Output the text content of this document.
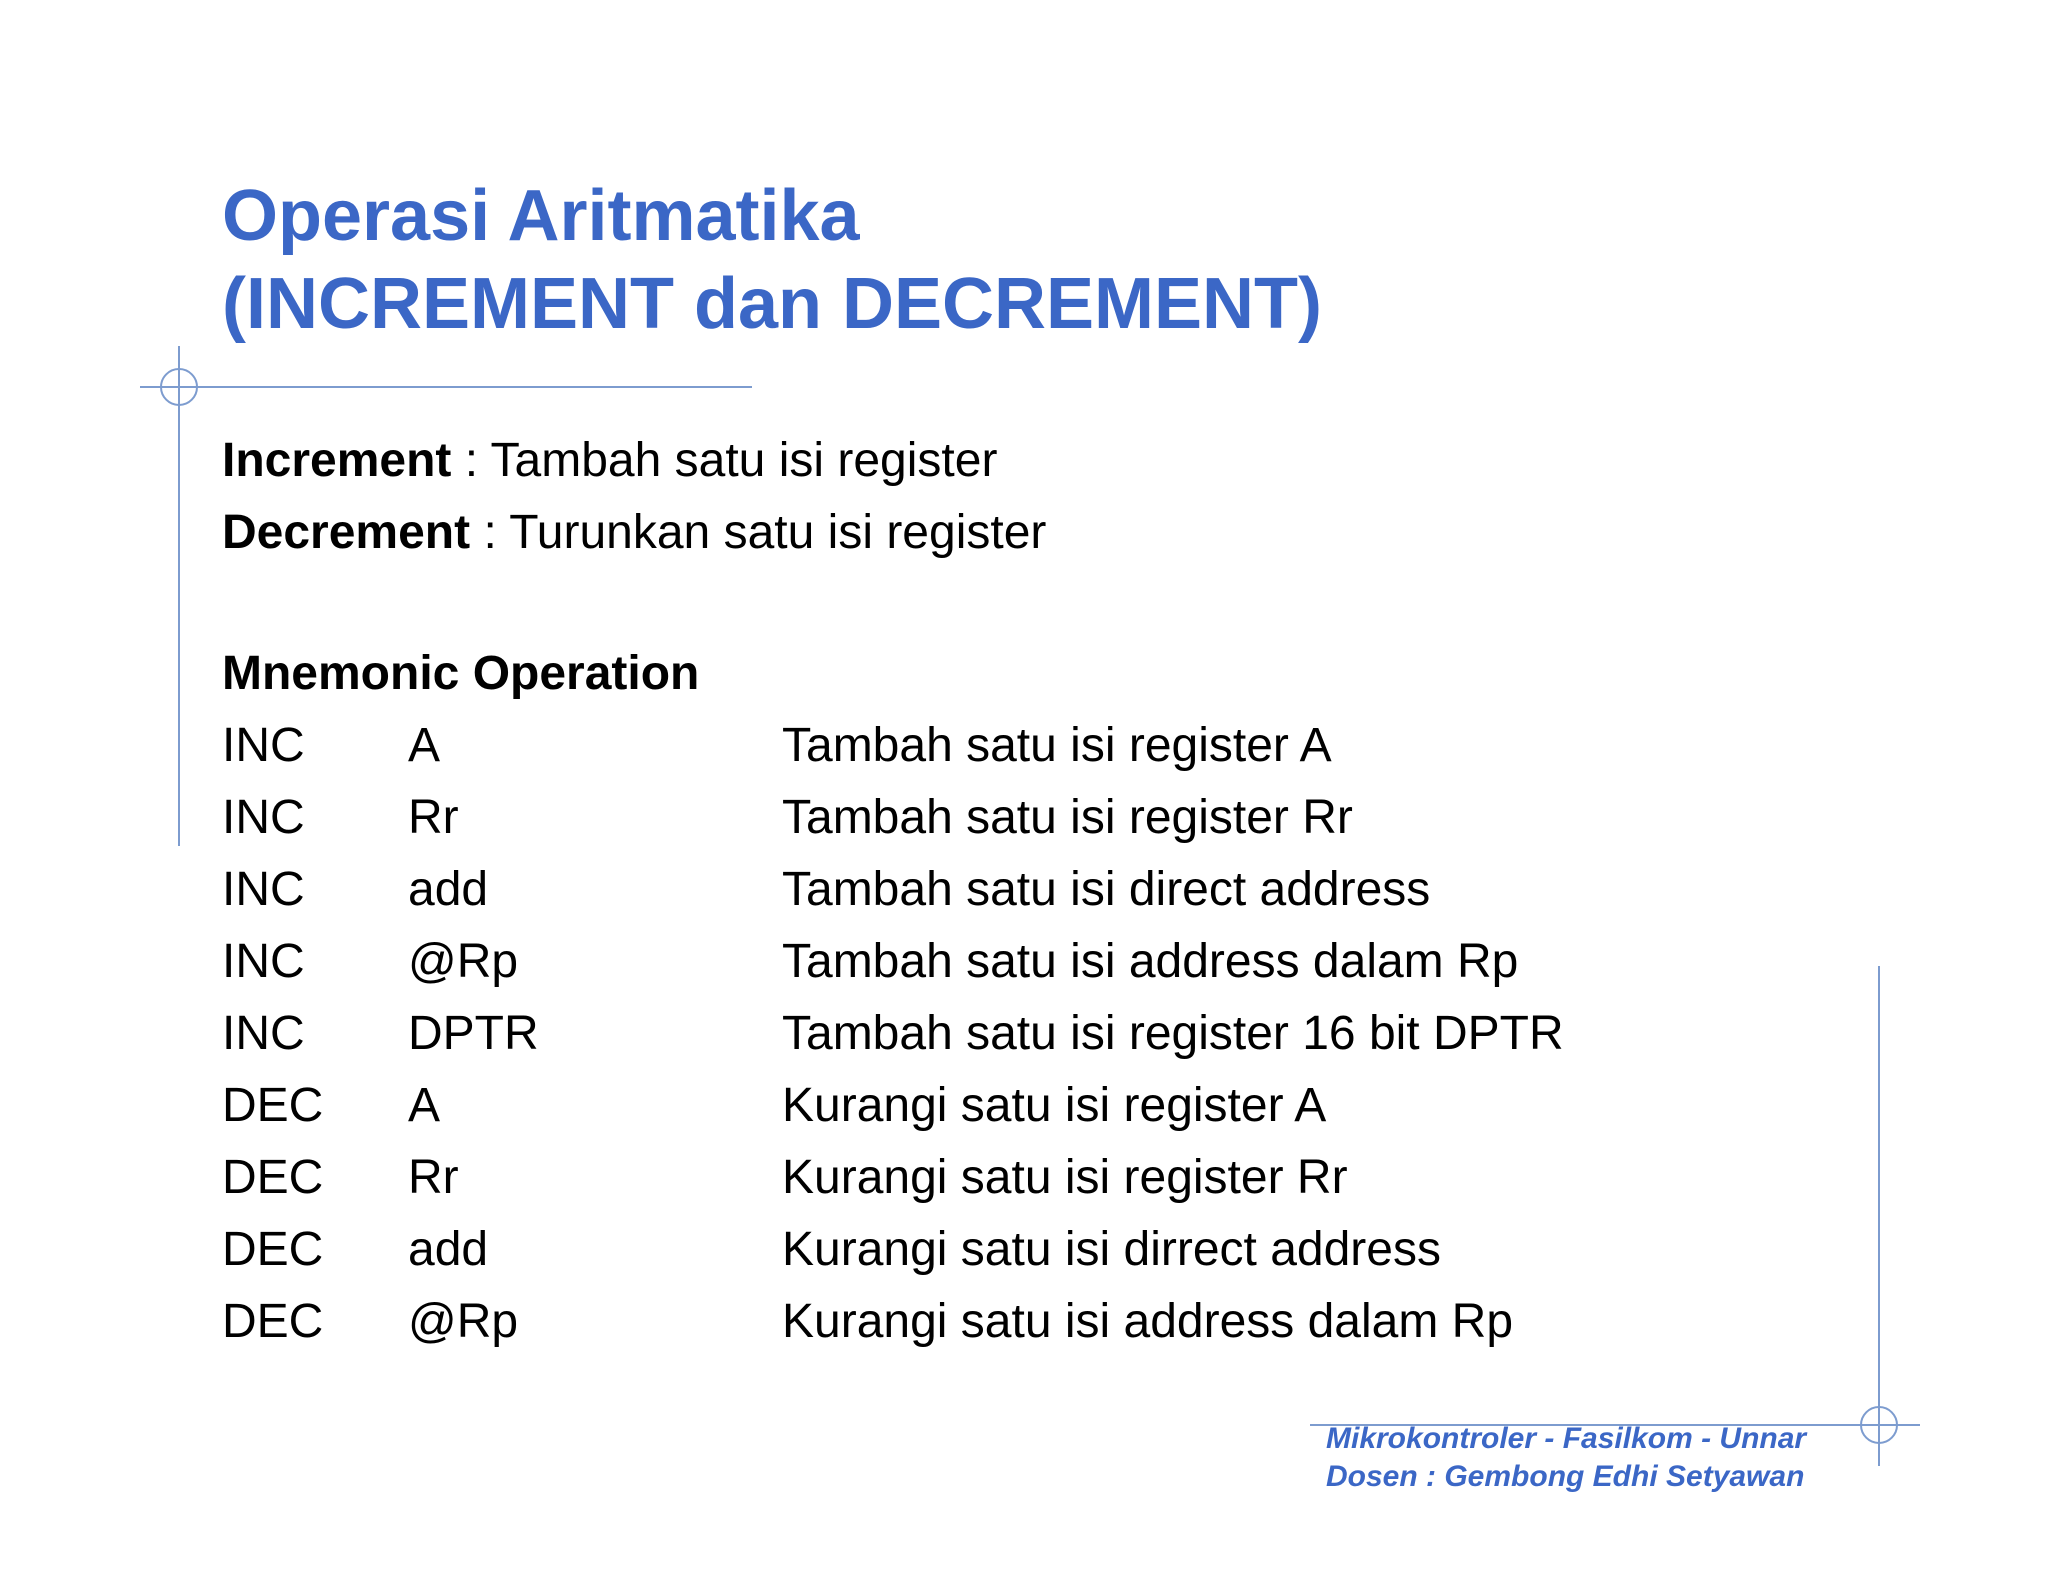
Operasi Aritmatika
(INCREMENT dan DECREMENT)
Increment : Tambah satu isi register
Decrement : Turunkan satu isi register
Mnemonic Operation
INC A	Tambah satu isi register A
INC Rr	Tambah satu isi register Rr
INC add	Tambah satu isi direct address
INC @Rp	Tambah satu isi address dalam Rp
INC DPTR	Tambah satu isi register 16 bit DPTR
DEC A	Kurangi satu isi register A
DEC Rr	Kurangi satu isi register Rr
DEC add	Kurangi satu isi dirrect address
DEC @Rp	Kurangi satu isi address dalam Rp
Mikrokontroler - Fasilkom - Unnar
Dosen : Gembong Edhi Setyawan
